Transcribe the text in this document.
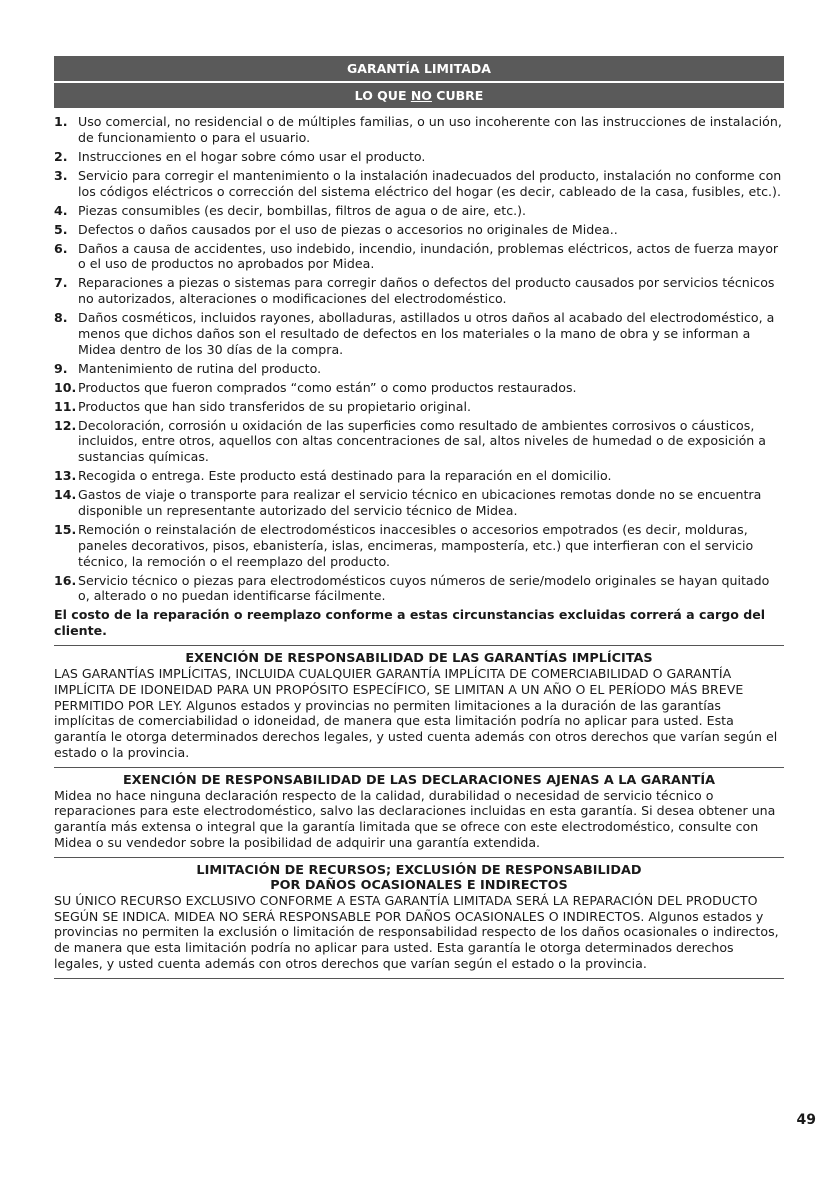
GARANTÍA LIMITADA
LO QUE NO CUBRE
1. Uso comercial, no residencial o de múltiples familias, o un uso incoherente con las instrucciones de instalación, de funcionamiento o para el usuario.
2. Instrucciones en el hogar sobre cómo usar el producto.
3. Servicio para corregir el mantenimiento o la instalación inadecuados del producto, instalación no conforme con los códigos eléctricos o corrección del sistema eléctrico del hogar (es decir, cableado de la casa, fusibles, etc.).
4. Piezas consumibles (es decir, bombillas, filtros de agua o de aire, etc.).
5. Defectos o daños causados por el uso de piezas o accesorios no originales de Midea..
6. Daños a causa de accidentes, uso indebido, incendio, inundación, problemas eléctricos, actos de fuerza mayor o el uso de productos no aprobados por Midea.
7. Reparaciones a piezas o sistemas para corregir daños o defectos del producto causados por servicios técnicos no autorizados, alteraciones o modificaciones del electrodoméstico.
8. Daños cosméticos, incluidos rayones, abolladuras, astillados u otros daños al acabado del electrodoméstico, a menos que dichos daños son el resultado de defectos en los materiales o la mano de obra y se informan a Midea dentro de los 30 días de la compra.
9. Mantenimiento de rutina del producto.
10. Productos que fueron comprados “como están” o como productos restaurados.
11. Productos que han sido transferidos de su propietario original.
12. Decoloración, corrosión u oxidación de las superficies como resultado de ambientes corrosivos o cáusticos, incluidos, entre otros, aquellos con altas concentraciones de sal, altos niveles de humedad o de exposición a sustancias químicas.
13. Recogida o entrega. Este producto está destinado para la reparación en el domicilio.
14. Gastos de viaje o transporte para realizar el servicio técnico en ubicaciones remotas donde no se encuentra disponible un representante autorizado del servicio técnico de Midea.
15. Remoción o reinstalación de electrodomésticos inaccesibles o accesorios empotrados (es decir, molduras, paneles decorativos, pisos, ebanistería, islas, encimeras, mampostería, etc.) que interfieran con el servicio técnico, la remoción o el reemplazo del producto.
16. Servicio técnico o piezas para electrodomésticos cuyos números de serie/modelo originales se hayan quitado o, alterado o no puedan identificarse fácilmente.
El costo de la reparación o reemplazo conforme a estas circunstancias excluidas correrá a cargo del cliente.
EXENCIÓN DE RESPONSABILIDAD DE LAS GARANTÍAS IMPLÍCITAS

LAS GARANTÍAS IMPLÍCITAS, INCLUIDA CUALQUIER GARANTÍA IMPLÍCITA DE COMERCIABILIDAD O GARANTÍA IMPLÍCITA DE IDONEIDAD PARA UN PROPÓSITO ESPECÍFICO, SE LIMITAN A UN AÑO O EL PERÍODO MÁS BREVE PERMITIDO POR LEY. Algunos estados y provincias no permiten limitaciones a la duración de las garantías implícitas de comerciabilidad o idoneidad, de manera que esta limitación podría no aplicar para usted. Esta garantía le otorga determinados derechos legales, y usted cuenta además con otros derechos que varían según el estado o la provincia.

EXENCIÓN DE RESPONSABILIDAD DE LAS DECLARACIONES AJENAS A LA GARANTÍA

Midea no hace ninguna declaración respecto de la calidad, durabilidad o necesidad de servicio técnico o reparaciones para este electrodoméstico, salvo las declaraciones incluidas en esta garantía. Si desea obtener una garantía más extensa o integral que la garantía limitada que se ofrece con este electrodoméstico, consulte con Midea o su vendedor sobre la posibilidad de adquirir una garantía extendida.

LIMITACIÓN DE RECURSOS; EXCLUSIÓN DE RESPONSABILIDAD
POR DAÑOS OCASIONALES E INDIRECTOS

SU ÚNICO RECURSO EXCLUSIVO CONFORME A ESTA GARANTÍA LIMITADA SERÁ LA REPARACIÓN DEL PRODUCTO SEGÚN SE INDICA. MIDEA NO SERÁ RESPONSABLE POR DAÑOS OCASIONALES O INDIRECTOS. Algunos estados y provincias no permiten la exclusión o limitación de responsabilidad respecto de los daños ocasionales o indirectos, de manera que esta limitación podría no aplicar para usted. Esta garantía le otorga determinados derechos legales, y usted cuenta además con otros derechos que varían según el estado o la provincia.

49
